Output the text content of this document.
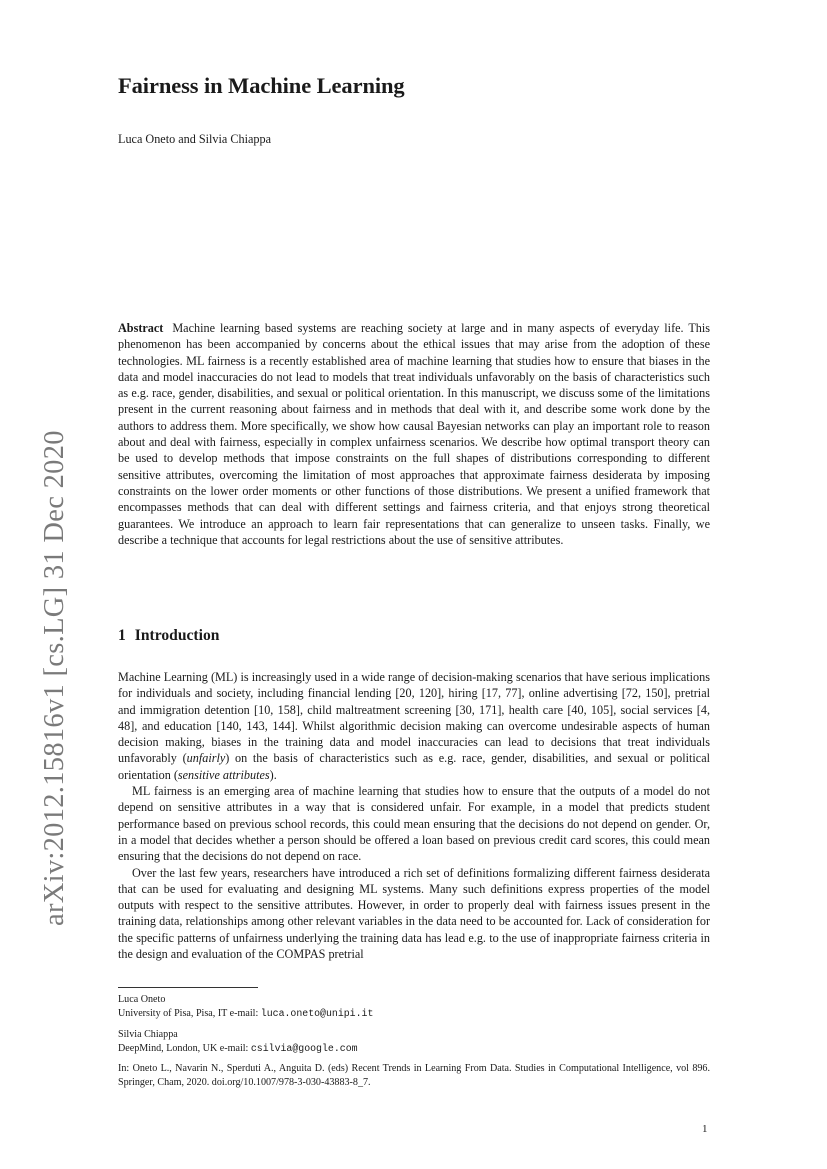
arXiv:2012.15816v1 [cs.LG] 31 Dec 2020
Fairness in Machine Learning
Luca Oneto and Silvia Chiappa

Abstract Machine learning based systems are reaching society at large and in many aspects of everyday life. This phenomenon has been accompanied by concerns about the ethical issues that may arise from the adoption of these technologies. ML fairness is a recently established area of machine learning that studies how to ensure that biases in the data and model inaccuracies do not lead to models that treat individuals unfavorably on the basis of characteristics such as e.g. race, gender, disabilities, and sexual or political orientation. In this manuscript, we discuss some of the limitations present in the current reasoning about fairness and in methods that deal with it, and describe some work done by the authors to address them. More specifically, we show how causal Bayesian networks can play an important role to reason about and deal with fairness, especially in complex unfairness scenarios. We describe how optimal transport theory can be used to develop methods that impose constraints on the full shapes of distributions corresponding to different sensitive attributes, overcoming the limitation of most approaches that approximate fairness desiderata by imposing constraints on the lower order moments or other functions of those distributions. We present a unified framework that encompasses methods that can deal with different settings and fairness criteria, and that enjoys strong theoretical guarantees. We introduce an approach to learn fair representations that can generalize to unseen tasks. Finally, we describe a technique that accounts for legal restrictions about the use of sensitive attributes.

1 Introduction

Machine Learning (ML) is increasingly used in a wide range of decision-making scenarios that have serious implications for individuals and society, including financial lending [20, 120], hiring [17, 77], online advertising [72, 150], pretrial and immigration detention [10, 158], child maltreatment screening [30, 171], health care [40, 105], social services [4, 48], and education [140, 143, 144]. Whilst algorithmic decision making can overcome undesirable aspects of human decision making, biases in the training data and model inaccuracies can lead to decisions that treat individuals unfavorably (unfairly) on the basis of characteristics such as e.g. race, gender, disabilities, and sexual or political orientation (sensitive attributes).

ML fairness is an emerging area of machine learning that studies how to ensure that the outputs of a model do not depend on sensitive attributes in a way that is considered unfair. For example, in a model that predicts student performance based on previous school records, this could mean ensuring that the decisions do not depend on gender. Or, in a model that decides whether a person should be offered a loan based on previous credit card scores, this could mean ensuring that the decisions do not depend on race.

Over the last few years, researchers have introduced a rich set of definitions formalizing different fairness desiderata that can be used for evaluating and designing ML systems. Many such definitions express properties of the model outputs with respect to the sensitive attributes. However, in order to properly deal with fairness issues present in the training data, relationships among other relevant variables in the data need to be accounted for. Lack of consideration for the specific patterns of unfairness underlying the training data has lead e.g. to the use of inappropriate fairness criteria in the design and evaluation of the COMPAS pretrial

Luca Oneto
University of Pisa, Pisa, IT e-mail: luca.oneto@unipi.it
Silvia Chiappa
DeepMind, London, UK e-mail: csilvia@google.com
In: Oneto L., Navarin N., Sperduti A., Anguita D. (eds) Recent Trends in Learning From Data. Studies in Computational Intelligence, vol 896. Springer, Cham, 2020. doi.org/10.1007/978-3-030-43883-8_7.
1
